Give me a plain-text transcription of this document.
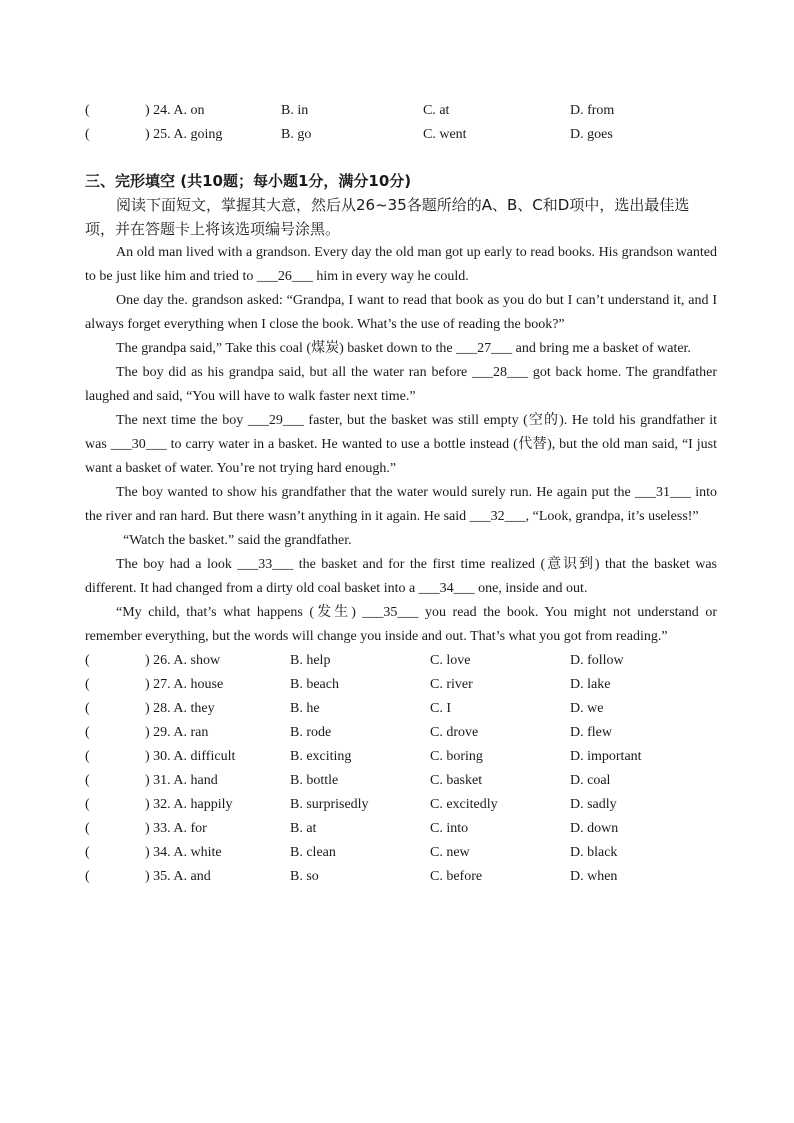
(	) 24. A. on	B. in	C. at	D. from
(	) 25. A. going	B. go	C. went	D. goes
三、完形填空 (共10题；每小题1分，满分10分)
阅读下面短文，掌握其大意，然后从26~35各题所给的A、B、C和D项中，选出最佳选项，并在答题卡上将该选项编号涂黑。

An old man lived with a grandson. Every day the old man got up early to read books. His grandson wanted to be just like him and tried to ___26___ him in every way he could.

One day the. grandson asked: “Grandpa, I want to read that book as you do but I can’t understand it, and I always forget everything when I close the book. What’s the use of reading the book?”

The grandpa said,” Take this coal (煤炭) basket down to the ___27___ and bring me a basket of water.

The boy did as his grandpa said, but all the water ran before ___28___ got back home. The grandfather laughed and said, “You will have to walk faster next time.”

The next time the boy ___29___ faster, but the basket was still empty (空的). He told his grandfather it was ___30___ to carry water in a basket. He wanted to use a bottle instead (代替), but the old man said, “I just want a basket of water. You’re not trying hard enough.”

The boy wanted to show his grandfather that the water would surely run. He again put the ___31___ into the river and ran hard. But there wasn’t anything in it again. He said ___32___, “Look, grandpa, it’s useless!”

“Watch the basket.” said the grandfather.

The boy had a look ___33___ the basket and for the first time realized (意识到) that the basket was different. It had changed from a dirty old coal basket into a ___34___ one, inside and out.

“My child, that’s what happens (发生) ___35___ you read the book. You might not understand or remember everything, but the words will change you inside and out. That’s what you got from reading.”

(	) 26. A. show	B. help	C. love	D. follow
(	) 27. A. house	B. beach	C. river	D. lake
(	) 28. A. they	B. he	C. I	D. we
(	) 29. A. ran	B. rode	C. drove	D. flew
(	) 30. A. difficult	B. exciting	C. boring	D. important
(	) 31. A. hand	B. bottle	C. basket	D. coal
(	) 32. A. happily	B. surprisedly	C. excitedly	D. sadly
(	) 33. A. for	B. at	C. into	D. down
(	) 34. A. white	B. clean	C. new	D. black
(	) 35. A. and	B. so	C. before	D. when
